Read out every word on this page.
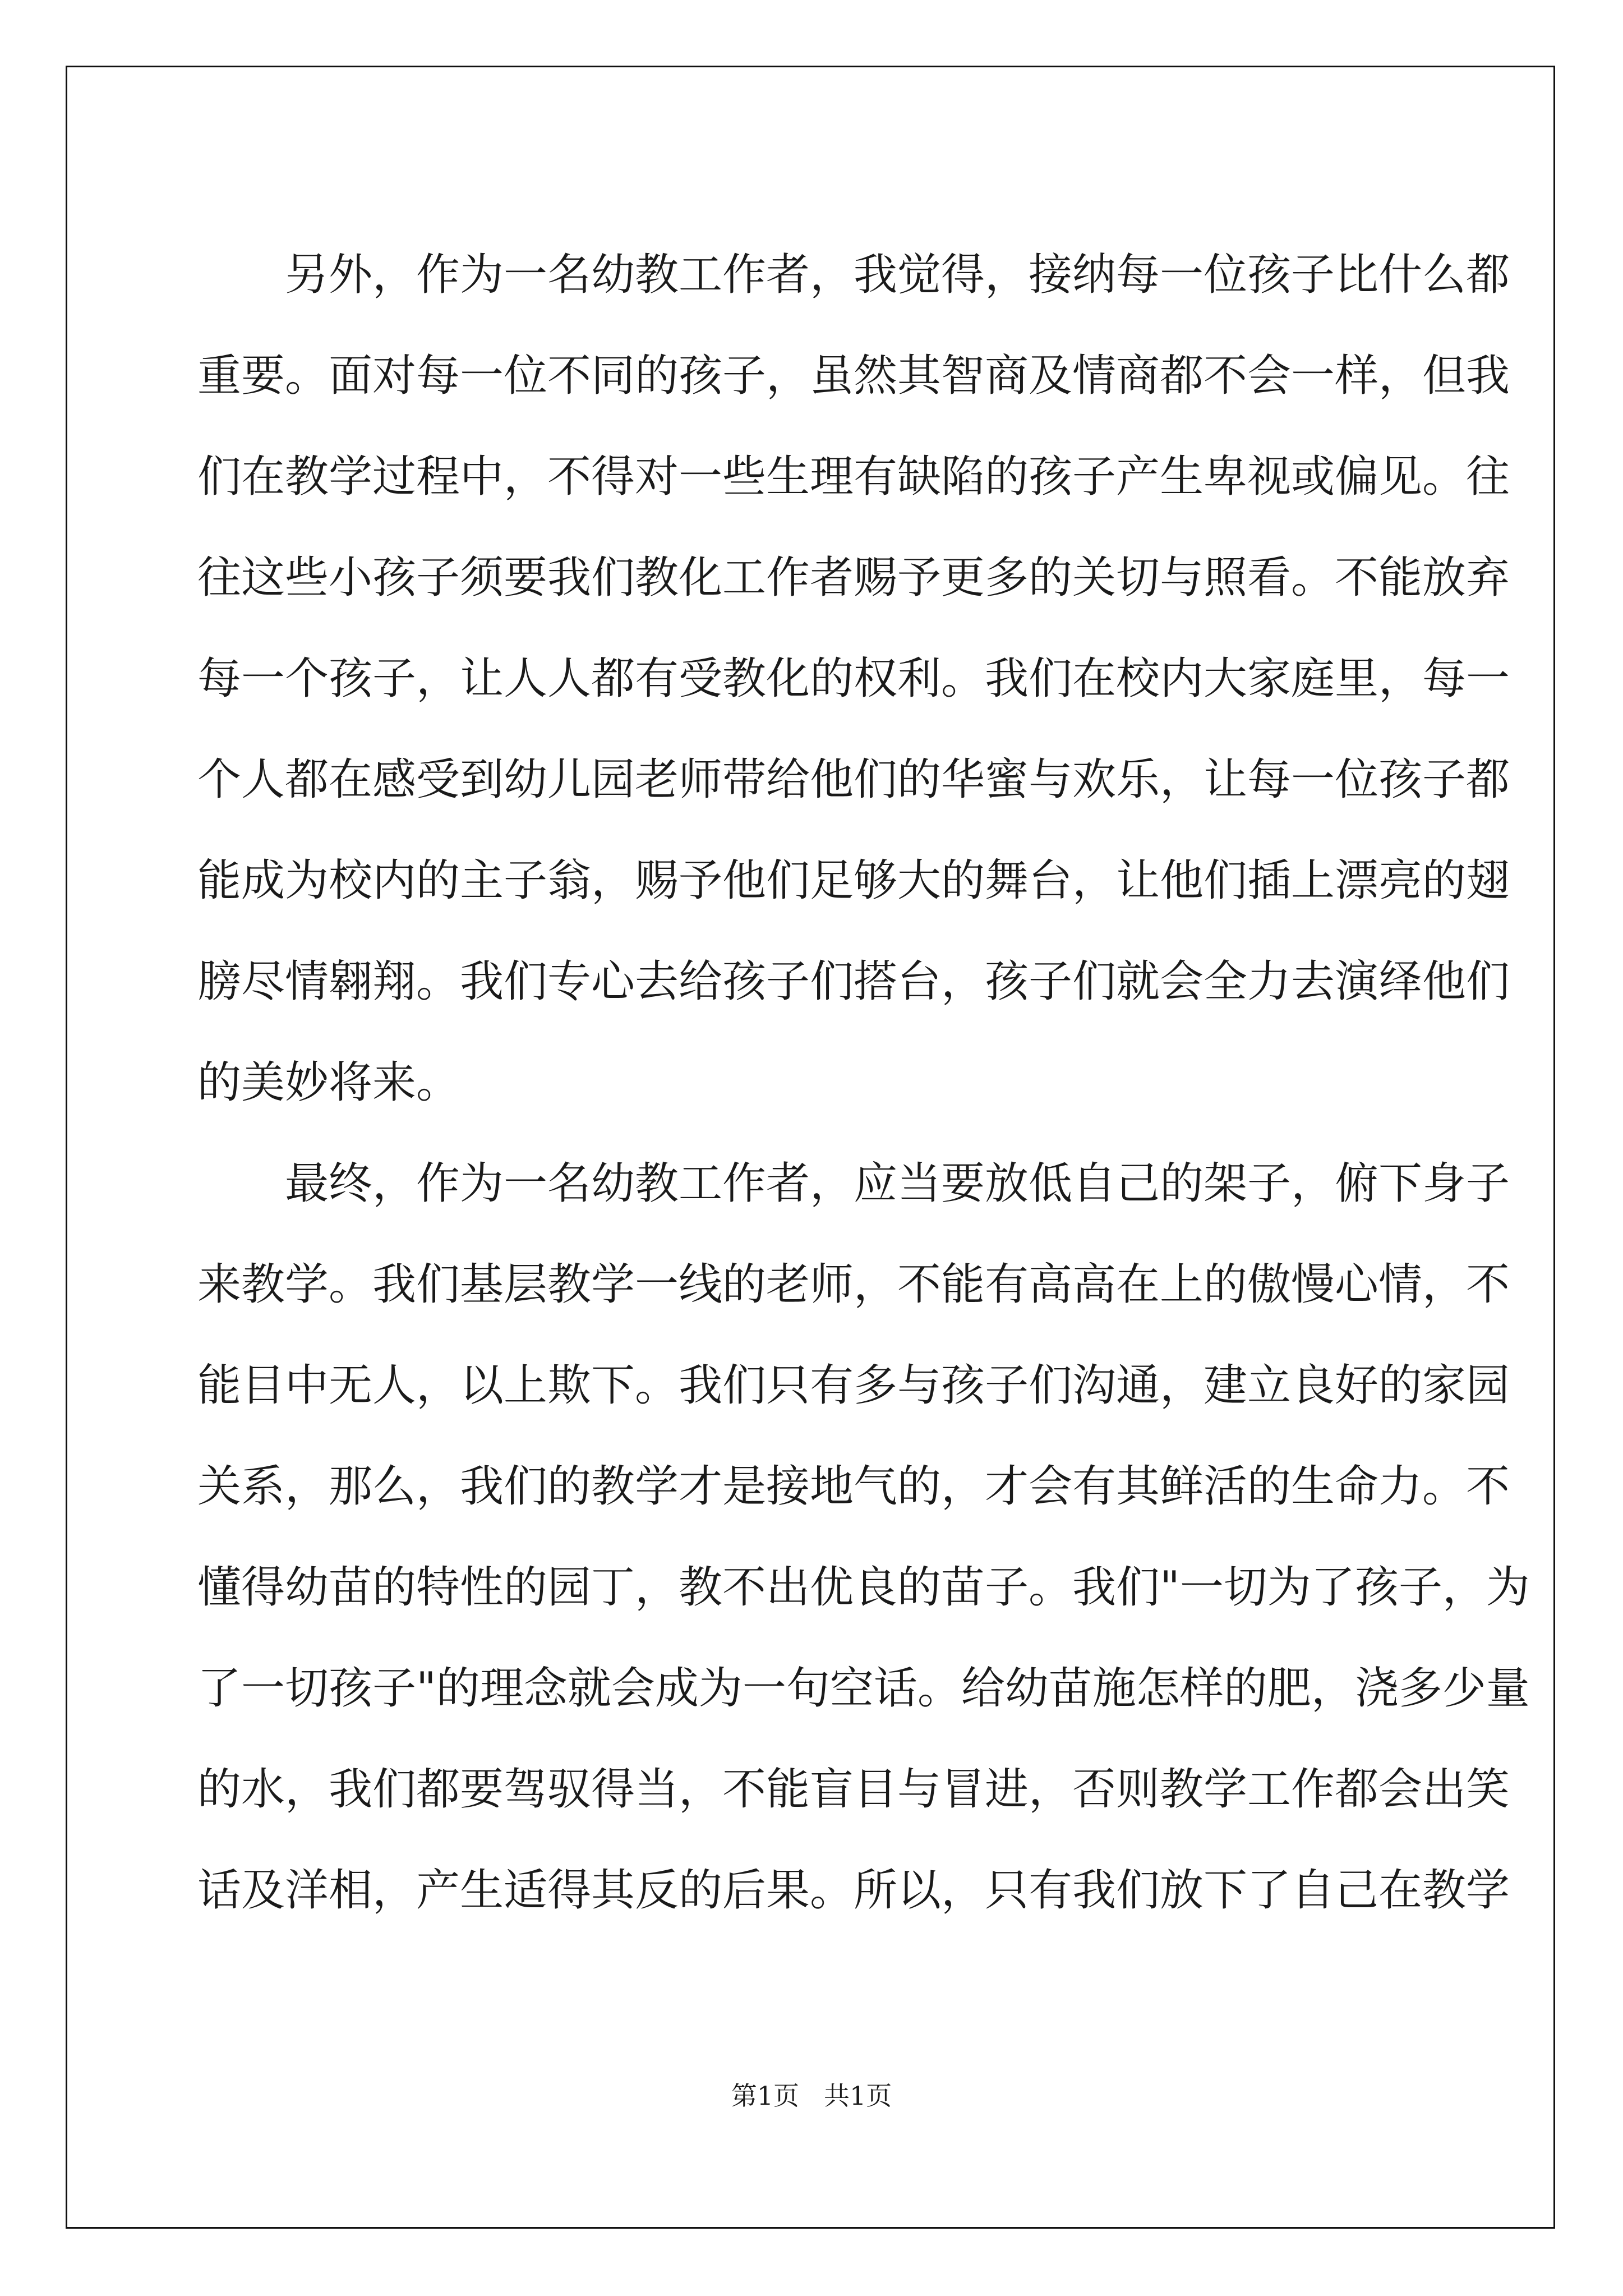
另外，作为一名幼教工作者，我觉得，接纳每一位孩子比什么都
重要。面对每一位不同的孩子，虽然其智商及情商都不会一样，但我
们在教学过程中，不得对一些生理有缺陷的孩子产生卑视或偏见。往
往这些小孩子须要我们教化工作者赐予更多的关切与照看。不能放弃
每一个孩子，让人人都有受教化的权利。我们在校内大家庭里，每一
个人都在感受到幼儿园老师带给他们的华蜜与欢乐，让每一位孩子都
能成为校内的主子翁，赐予他们足够大的舞台，让他们插上漂亮的翅
膀尽情翱翔。我们专心去给孩子们搭台，孩子们就会全力去演绎他们
的美妙将来。
最终，作为一名幼教工作者，应当要放低自己的架子，俯下身子
来教学。我们基层教学一线的老师，不能有高高在上的傲慢心情，不
能目中无人，以上欺下。我们只有多与孩子们沟通，建立良好的家园
关系，那么，我们的教学才是接地气的，才会有其鲜活的生命力。不
懂得幼苗的特性的园丁，教不出优良的苗子。我们"一切为了孩子，为
了一切孩子"的理念就会成为一句空话。给幼苗施怎样的肥，浇多少量
的水，我们都要驾驭得当，不能盲目与冒进，否则教学工作都会出笑
话及洋相，产生适得其反的后果。所以，只有我们放下了自己在教学
第1页 共1页
